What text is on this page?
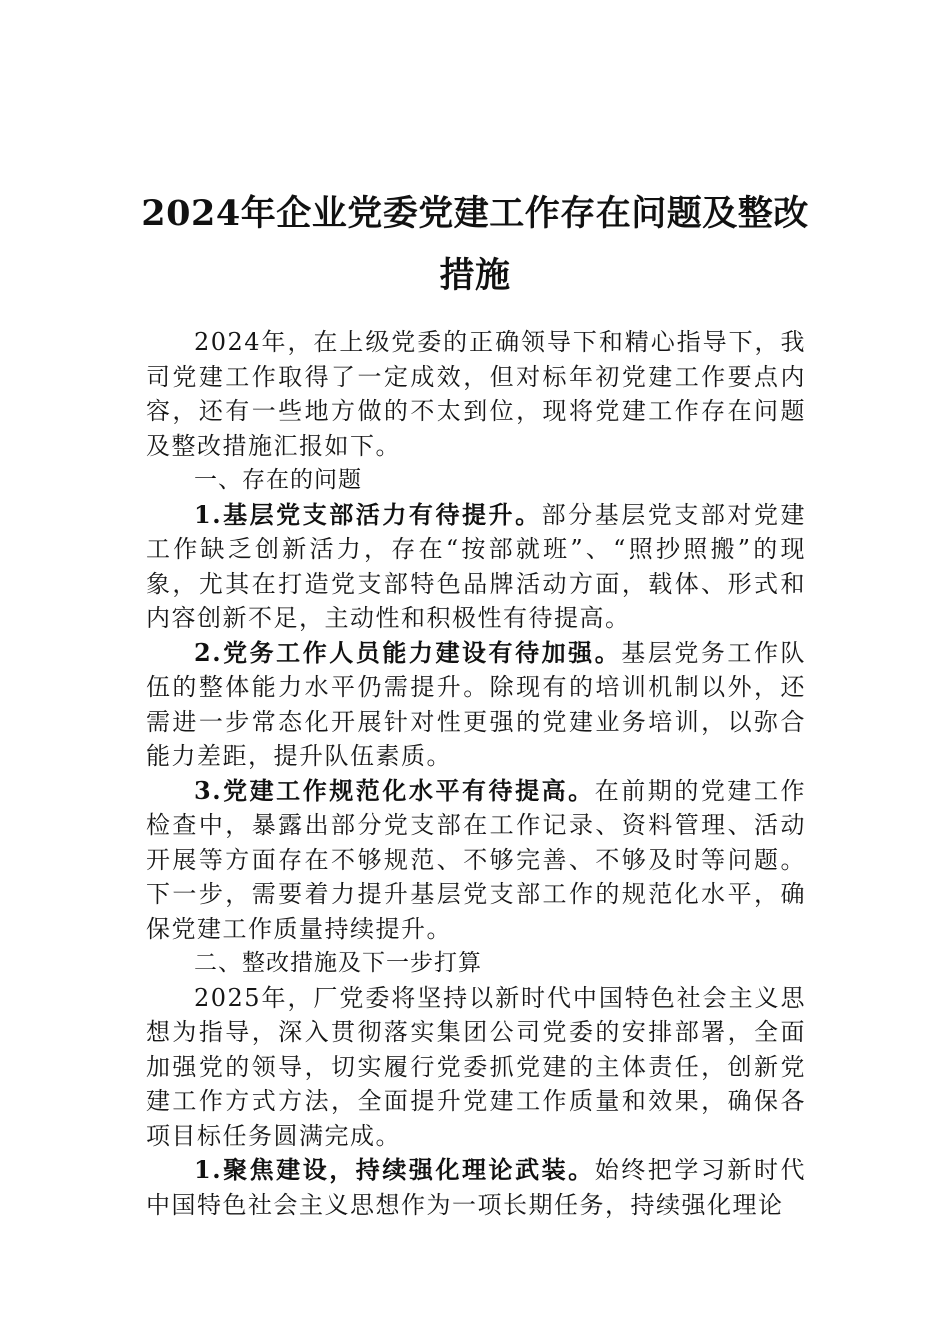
2024年企业党委党建工作存在问题及整改
措施

2024年，在上级党委的正确领导下和精心指导下，我司党建工作取得了一定成效，但对标年初党建工作要点内容，还有一些地方做的不太到位，现将党建工作存在问题及整改措施汇报如下。

一、存在的问题

1.基层党支部活力有待提升。部分基层党支部对党建工作缺乏创新活力，存在“按部就班”、“照抄照搬”的现象，尤其在打造党支部特色品牌活动方面，载体、形式和内容创新不足，主动性和积极性有待提高。

2.党务工作人员能力建设有待加强。基层党务工作队伍的整体能力水平仍需提升。除现有的培训机制以外，还需进一步常态化开展针对性更强的党建业务培训，以弥合能力差距，提升队伍素质。

3.党建工作规范化水平有待提高。在前期的党建工作检查中，暴露出部分党支部在工作记录、资料管理、活动开展等方面存在不够规范、不够完善、不够及时等问题。下一步，需要着力提升基层党支部工作的规范化水平，确保党建工作质量持续提升。

二、整改措施及下一步打算

2025年，厂党委将坚持以新时代中国特色社会主义思想为指导，深入贯彻落实集团公司党委的安排部署，全面加强党的领导，切实履行党委抓党建的主体责任，创新党建工作方式方法，全面提升党建工作质量和效果，确保各项目标任务圆满完成。

1.聚焦建设，持续强化理论武装。始终把学习新时代中国特色社会主义思想作为一项长期任务，持续强化理论
